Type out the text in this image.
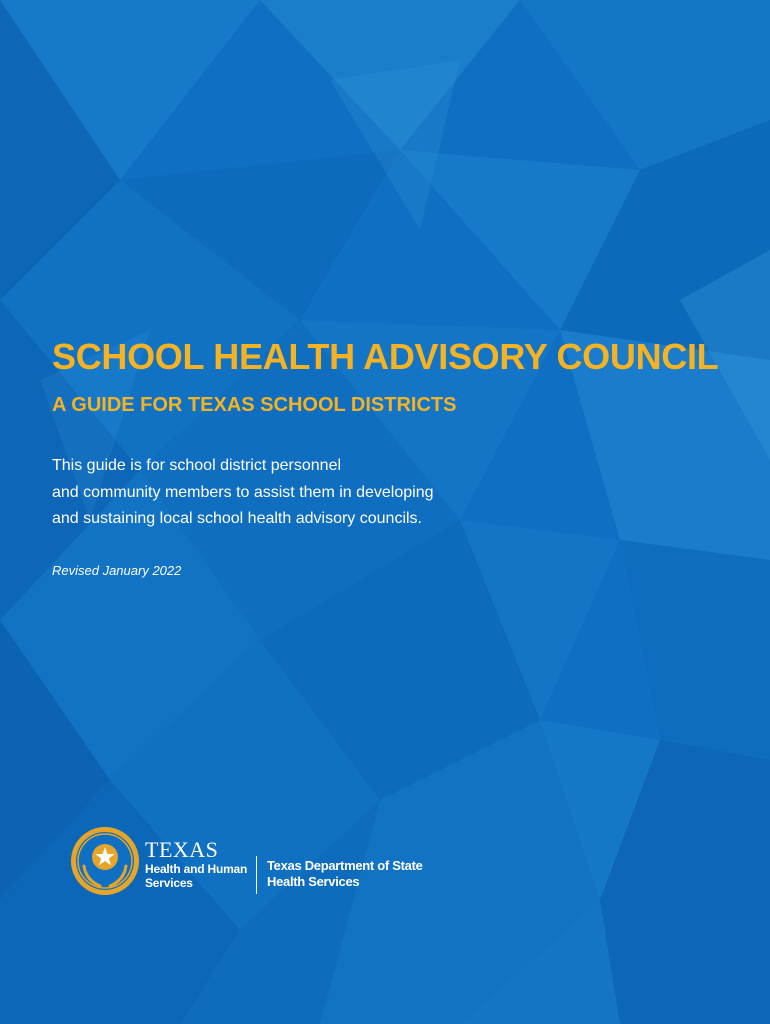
SCHOOL HEALTH ADVISORY COUNCIL
A GUIDE FOR TEXAS SCHOOL DISTRICTS
This guide is for school district personnel
and community members to assist them in developing
and sustaining local school health advisory councils.
Revised January 2022
TEXAS
Health and Human
Services
Texas Department of State
Health Services
